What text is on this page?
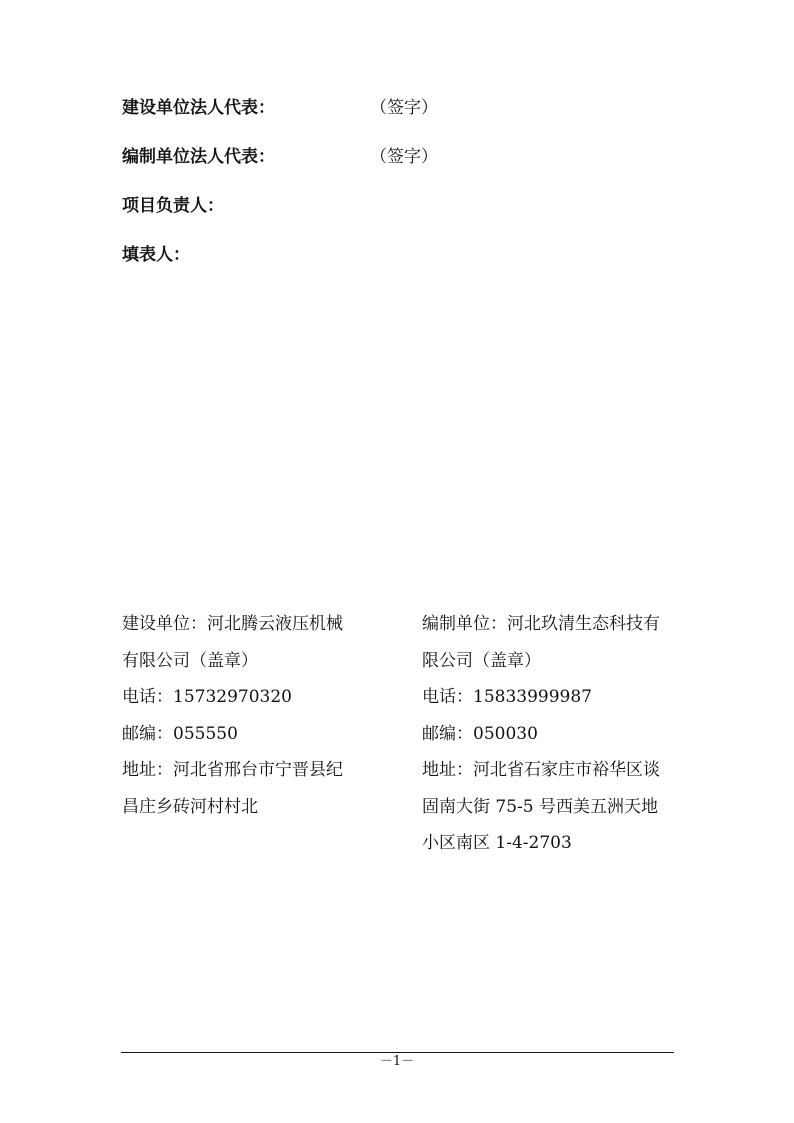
建设单位法人代表：	（签字）
编制单位法人代表：	（签字）
项目负责人：
填表人：
建设单位：河北腾云液压机械
有限公司（盖章）
电话：15732970320
邮编：055550
地址：河北省邢台市宁晋县纪
昌庄乡砖河村村北
编制单位：河北玖清生态科技有
限公司（盖章）
电话：15833999987
邮编：050030
地址：河北省石家庄市裕华区谈
固南大街 75-5 号西美五洲天地
小区南区 1-4-2703
－1－
